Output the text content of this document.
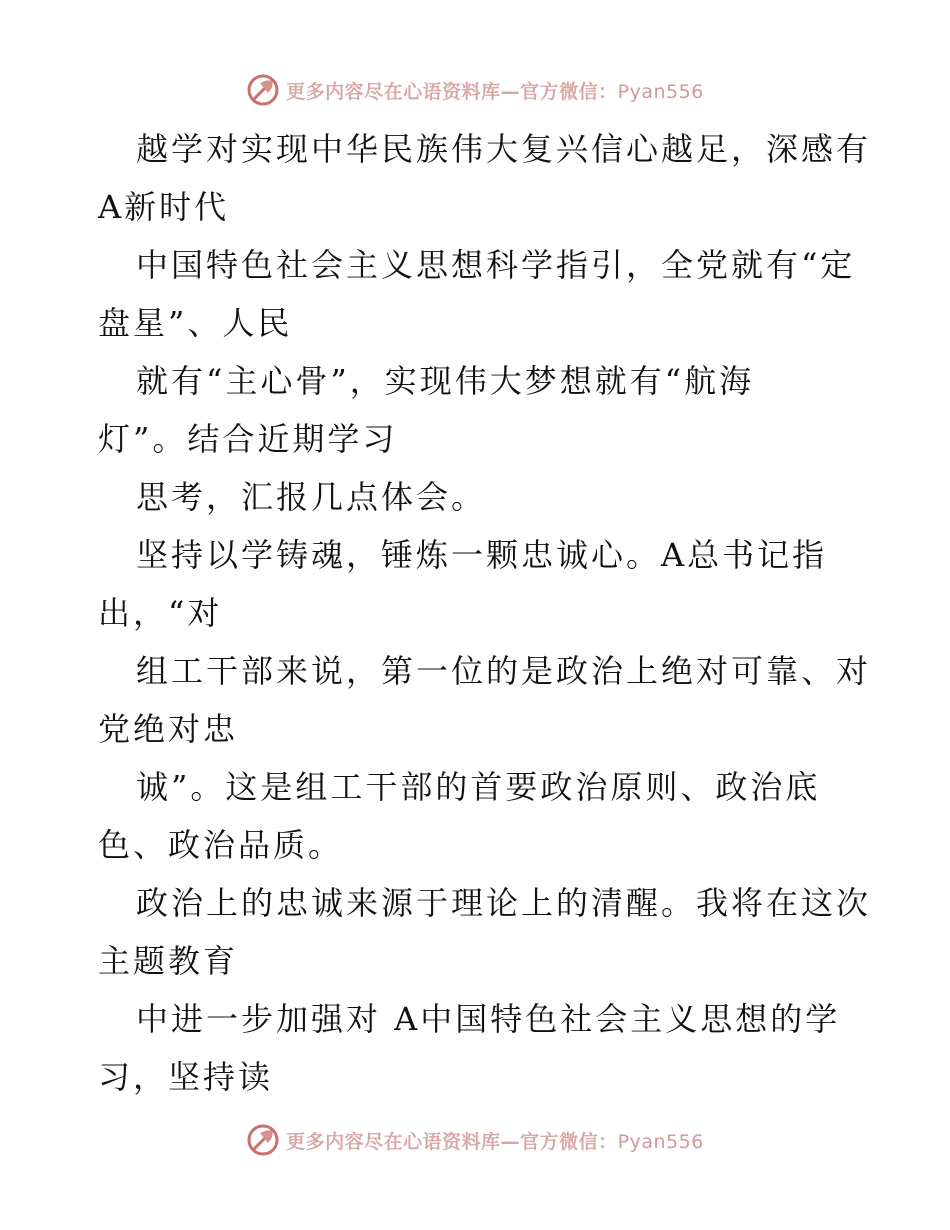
更多内容尽在心语资料库—官方微信：Pyan556
越学对实现中华民族伟大复兴信心越足，深感有
A新时代
中国特色社会主义思想科学指引，全党就有“定
盘星”、人民
就有“主心骨”，实现伟大梦想就有“航海
灯”。结合近期学习
思考，汇报几点体会。
坚持以学铸魂，锤炼一颗忠诚心。A总书记指
出，“对
组工干部来说，第一位的是政治上绝对可靠、对
党绝对忠
诚”。这是组工干部的首要政治原则、政治底
色、政治品质。
政治上的忠诚来源于理论上的清醒。我将在这次
主题教育
中进一步加强对 A中国特色社会主义思想的学
习，坚持读
更多内容尽在心语资料库—官方微信：Pyan556
